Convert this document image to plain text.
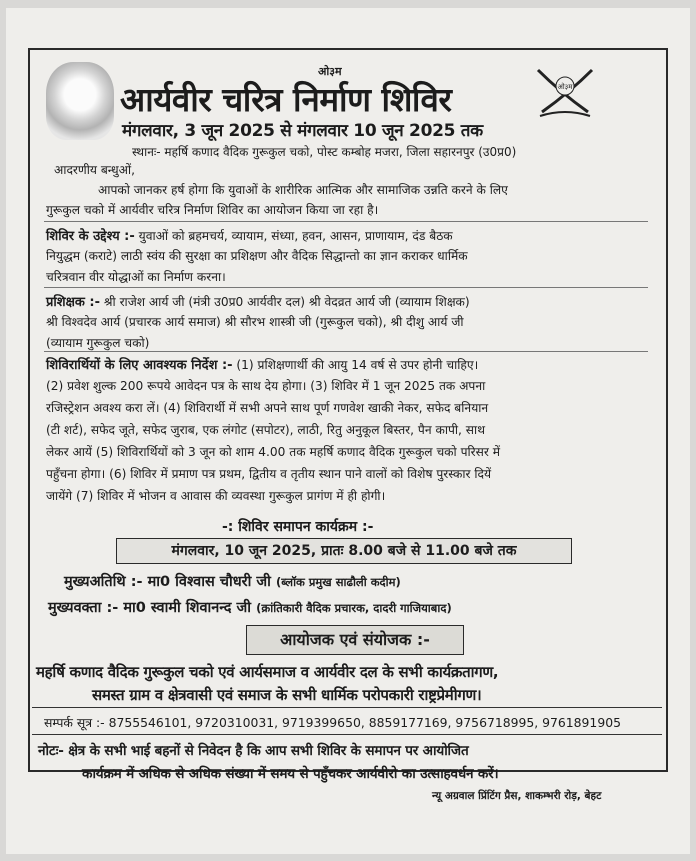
ओ३म
ओ३म
आर्यवीर चरित्र निर्माण शिविर
मंगलवार, 3 जून 2025 से मंगलवार 10 जून 2025 तक
स्थानः- महर्षि कणाद वैदिक गुरूकुल चको, पोस्ट कम्बोह मजरा, जिला सहारनपुर (उ0प्र0)
आदरणीय बन्धुओं,
आपको जानकर हर्ष होगा कि युवाओं के शारीरिक आत्मिक और सामाजिक उन्नति करने के लिए
गुरूकुल चको में आर्यवीर चरित्र निर्माण शिविर का आयोजन किया जा रहा है।
शिविर के उद्देश्य :- युवाओं को ब्रहमचर्य, व्यायाम, संध्या, हवन, आसन, प्राणायाम, दंड बैठक
नियुद्धम (कराटे) लाठी स्वंय की सुरक्षा का प्रशिक्षण और वैदिक सिद्धान्तो का ज्ञान कराकर धार्मिक
चरित्रवान वीर योद्धाओं का निर्माण करना।
प्रशिक्षक :- श्री राजेश आर्य जी (मंत्री उ0प्र0 आर्यवीर दल) श्री वेदव्रत आर्य जी (व्यायाम शिक्षक)
श्री विश्वदेव आर्य (प्रचारक आर्य समाज) श्री सौरभ शास्त्री जी (गुरूकुल चको), श्री दीशु आर्य जी
(व्यायाम गुरूकुल चको)
शिविरार्थियों के लिए आवश्यक निर्देश :- (1) प्रशिक्षणार्थी की आयु 14 वर्ष से उपर होनी चाहिए।
(2) प्रवेश शुल्क 200 रूपये आवेदन पत्र के साथ देय होगा। (3) शिविर में 1 जून 2025 तक अपना
रजिस्ट्रेशन अवश्य करा लें। (4) शिविरार्थी में सभी अपने साथ पूर्ण गणवेश खाकी नेकर, सफेद बनियान
(टी शर्ट), सफेद जूते, सफेद जुराब, एक लंगोट (सपोटर), लाठी, रितु अनुकूल बिस्तर, पैन कापी, साथ
लेकर आयें (5) शिविरार्थियों को 3 जून को शाम 4.00 तक महर्षि कणाद वैदिक गुरूकुल चको परिसर में
पहुँचना होगा। (6) शिविर में प्रमाण पत्र प्रथम, द्वितीय व तृतीय स्थान पाने वालों को विशेष पुरस्कार दियें
जायेंगे (7) शिविर में भोजन व आवास की व्यवस्था गुरूकुल प्रागंण में ही होगी।
-: शिविर समापन कार्यक्रम :-
मंगलवार, 10 जून 2025, प्रातः 8.00 बजे से 11.00 बजे तक
मुख्यअतिथि :- मा0 विश्वास चौधरी जी (ब्लॉक प्रमुख साढौली कदीम)
मुख्यवक्ता :- मा0 स्वामी शिवानन्द जी (क्रांतिकारी वैदिक प्रचारक, दादरी गाजियाबाद)
आयोजक एवं संयोजक :-
महर्षि कणाद वैदिक गुरूकुल चको एवं आर्यसमाज व आर्यवीर दल के सभी कार्यक्रतागण,
समस्त ग्राम व क्षेत्रवासी एवं समाज के सभी धार्मिक परोपकारी राष्ट्रप्रेमीगण।
सम्पर्क सूत्र :- 8755546101, 9720310031, 9719399650, 8859177169, 9756718995, 9761891905
नोटः- क्षेत्र के सभी भाई बहनों से निवेदन है कि आप सभी शिविर के समापन पर आयोजित
कार्यक्रम में अधिक से अधिक संख्या में समय से पहुँचकर आर्यवीरो का उत्साहवर्धन करें।
न्यू अग्रवाल प्रिंटिंग प्रैस, शाकम्भरी रोड़, बेहट
